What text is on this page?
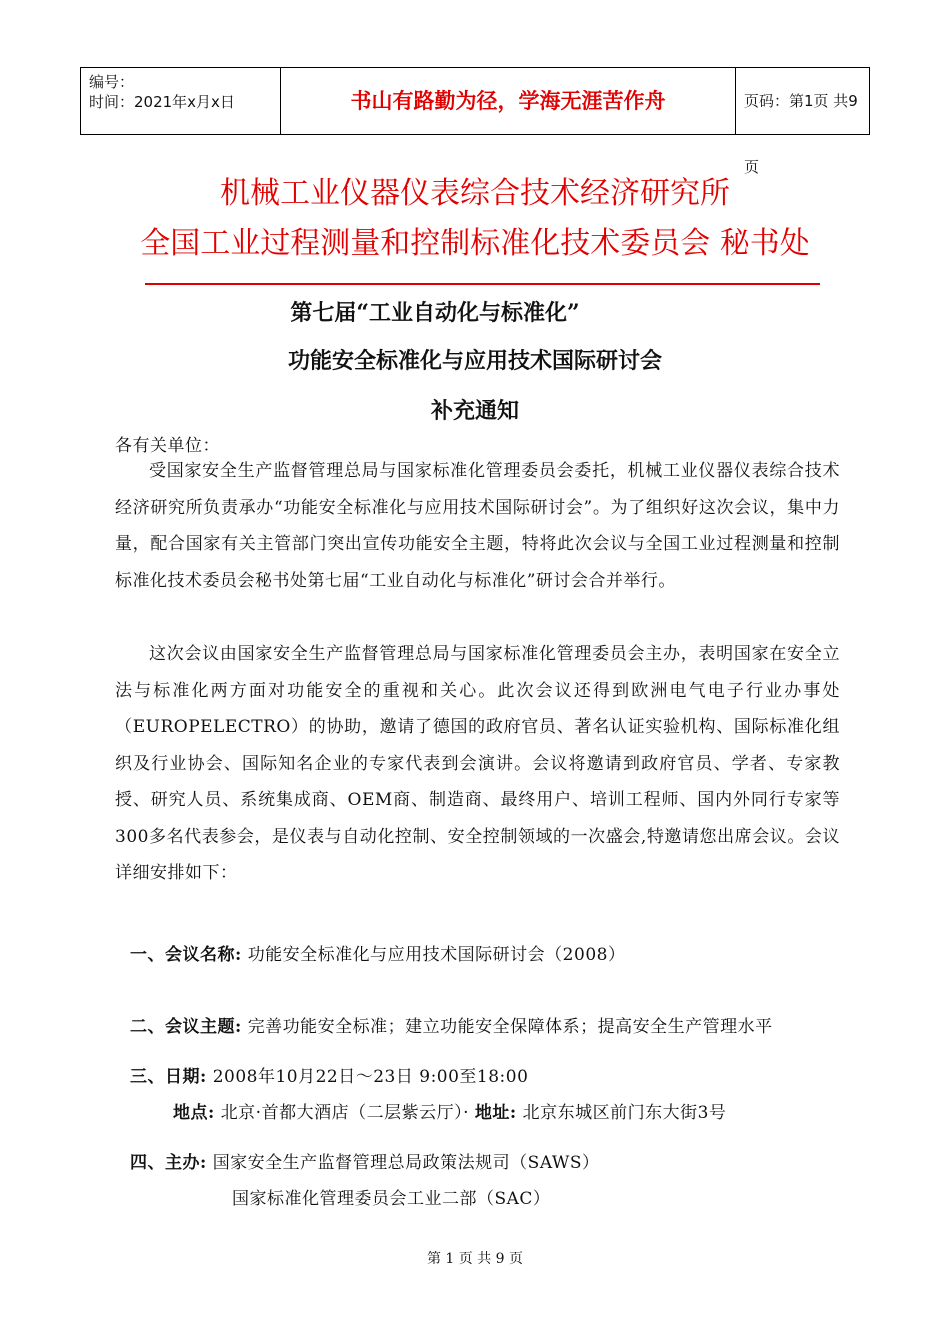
编号：
时间：2021年x月x日	书山有路勤为径，学海无涯苦作舟	页码：第1页 共9页
机械工业仪器仪表综合技术经济研究所
全国工业过程测量和控制标准化技术委员会 秘书处
第七届“工业自动化与标准化”
功能安全标准化与应用技术国际研讨会
补充通知
各有关单位：
受国家安全生产监督管理总局与国家标准化管理委员会委托，机械工业仪器仪表综合技术经济研究所负责承办“功能安全标准化与应用技术国际研讨会”。为了组织好这次会议，集中力量，配合国家有关主管部门突出宣传功能安全主题，特将此次会议与全国工业过程测量和控制标准化技术委员会秘书处第七届“工业自动化与标准化”研讨会合并举行。
这次会议由国家安全生产监督管理总局与国家标准化管理委员会主办，表明国家在安全立法与标准化两方面对功能安全的重视和关心。此次会议还得到欧洲电气电子行业办事处（EUROPELECTRO）的协助，邀请了德国的政府官员、著名认证实验机构、国际标准化组织及行业协会、国际知名企业的专家代表到会演讲。会议将邀请到政府官员、学者、专家教授、研究人员、系统集成商、OEM商、制造商、最终用户、培训工程师、国内外同行专家等300多名代表参会，是仪表与自动化控制、安全控制领域的一次盛会,特邀请您出席会议。会议详细安排如下：
一、会议名称: 功能安全标准化与应用技术国际研讨会（2008）
二、会议主题: 完善功能安全标准；建立功能安全保障体系；提高安全生产管理水平
三、日期: 2008年10月22日～23日 9:00至18:00
地点: 北京·首都大酒店（二层紫云厅）· 地址: 北京东城区前门东大街3号
四、主办: 国家安全生产监督管理总局政策法规司（SAWS）
国家标准化管理委员会工业二部（SAC）
第 1 页 共 9 页
